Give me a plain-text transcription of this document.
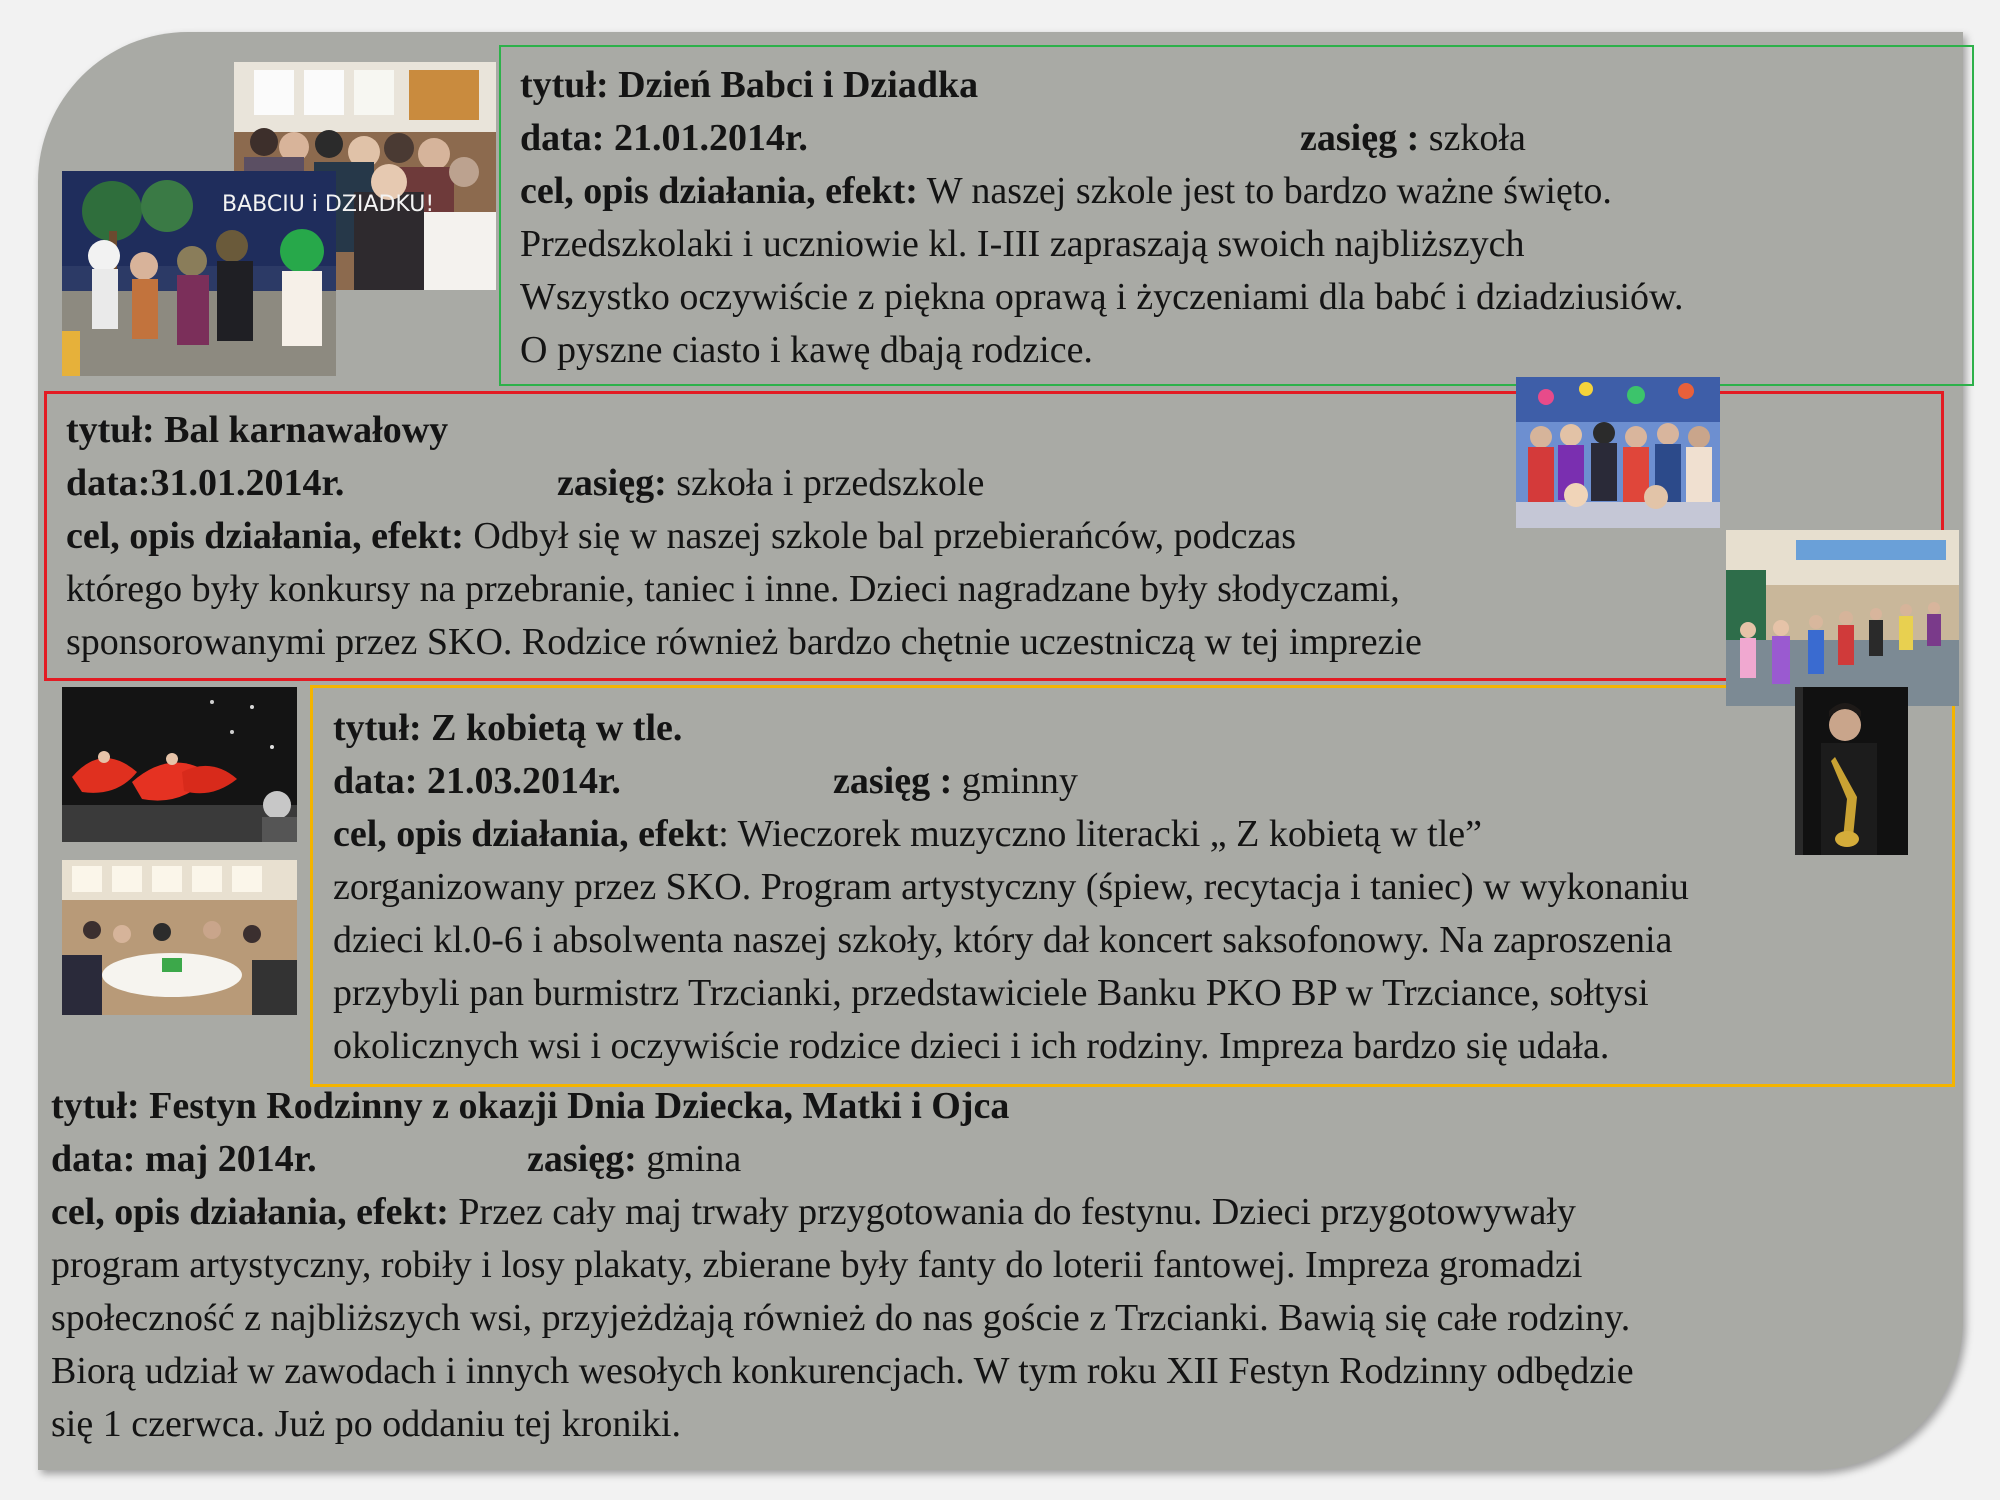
tytuł: Dzień Babci i Dziadka
data: 21.01.2014r.	zasięg : szkoła
cel, opis działania, efekt: W naszej szkole jest to bardzo ważne święto.
Przedszkolaki i uczniowie kl. I-III zapraszają swoich najbliższych
Wszystko oczywiście z piękna oprawą i życzeniami dla babć i dziadziusiów.
O pyszne ciasto i kawę dbają rodzice.
tytuł: Bal karnawałowy
data:31.01.2014r.	zasięg: szkoła i przedszkole
cel, opis działania, efekt: Odbył się w naszej szkole bal przebierańców, podczas
którego były konkursy na przebranie, taniec i inne. Dzieci nagradzane były słodyczami,
sponsorowanymi przez SKO. Rodzice również bardzo chętnie uczestniczą w tej imprezie
tytuł: Z kobietą w tle.
data: 21.03.2014r.	zasięg : gminny
cel, opis działania, efekt: Wieczorek muzyczno literacki „ Z kobietą w tle”
zorganizowany przez SKO. Program artystyczny (śpiew, recytacja i taniec) w wykonaniu
dzieci kl.0-6 i absolwenta naszej szkoły, który dał koncert saksofonowy. Na zaproszenia
przybyli pan burmistrz Trzcianki, przedstawiciele Banku PKO BP w Trzciance, sołtysi
okolicznych wsi i oczywiście rodzice dzieci i ich rodziny. Impreza bardzo się udała.
tytuł: Festyn Rodzinny z okazji Dnia Dziecka, Matki i Ojca
data: maj 2014r.	zasięg: gmina
cel, opis działania, efekt: Przez cały maj trwały przygotowania do festynu. Dzieci przygotowywały
program artystyczny, robiły i losy plakaty, zbierane były fanty do loterii fantowej. Impreza gromadzi
społeczność z najbliższych wsi, przyjeżdżają również do nas goście z Trzcianki. Bawią się całe rodziny.
Biorą udział w zawodach i innych wesołych konkurencjach. W tym roku XII Festyn Rodzinny odbędzie
się 1 czerwca. Już po oddaniu tej kroniki.
BABCIU i DZIADKU!
